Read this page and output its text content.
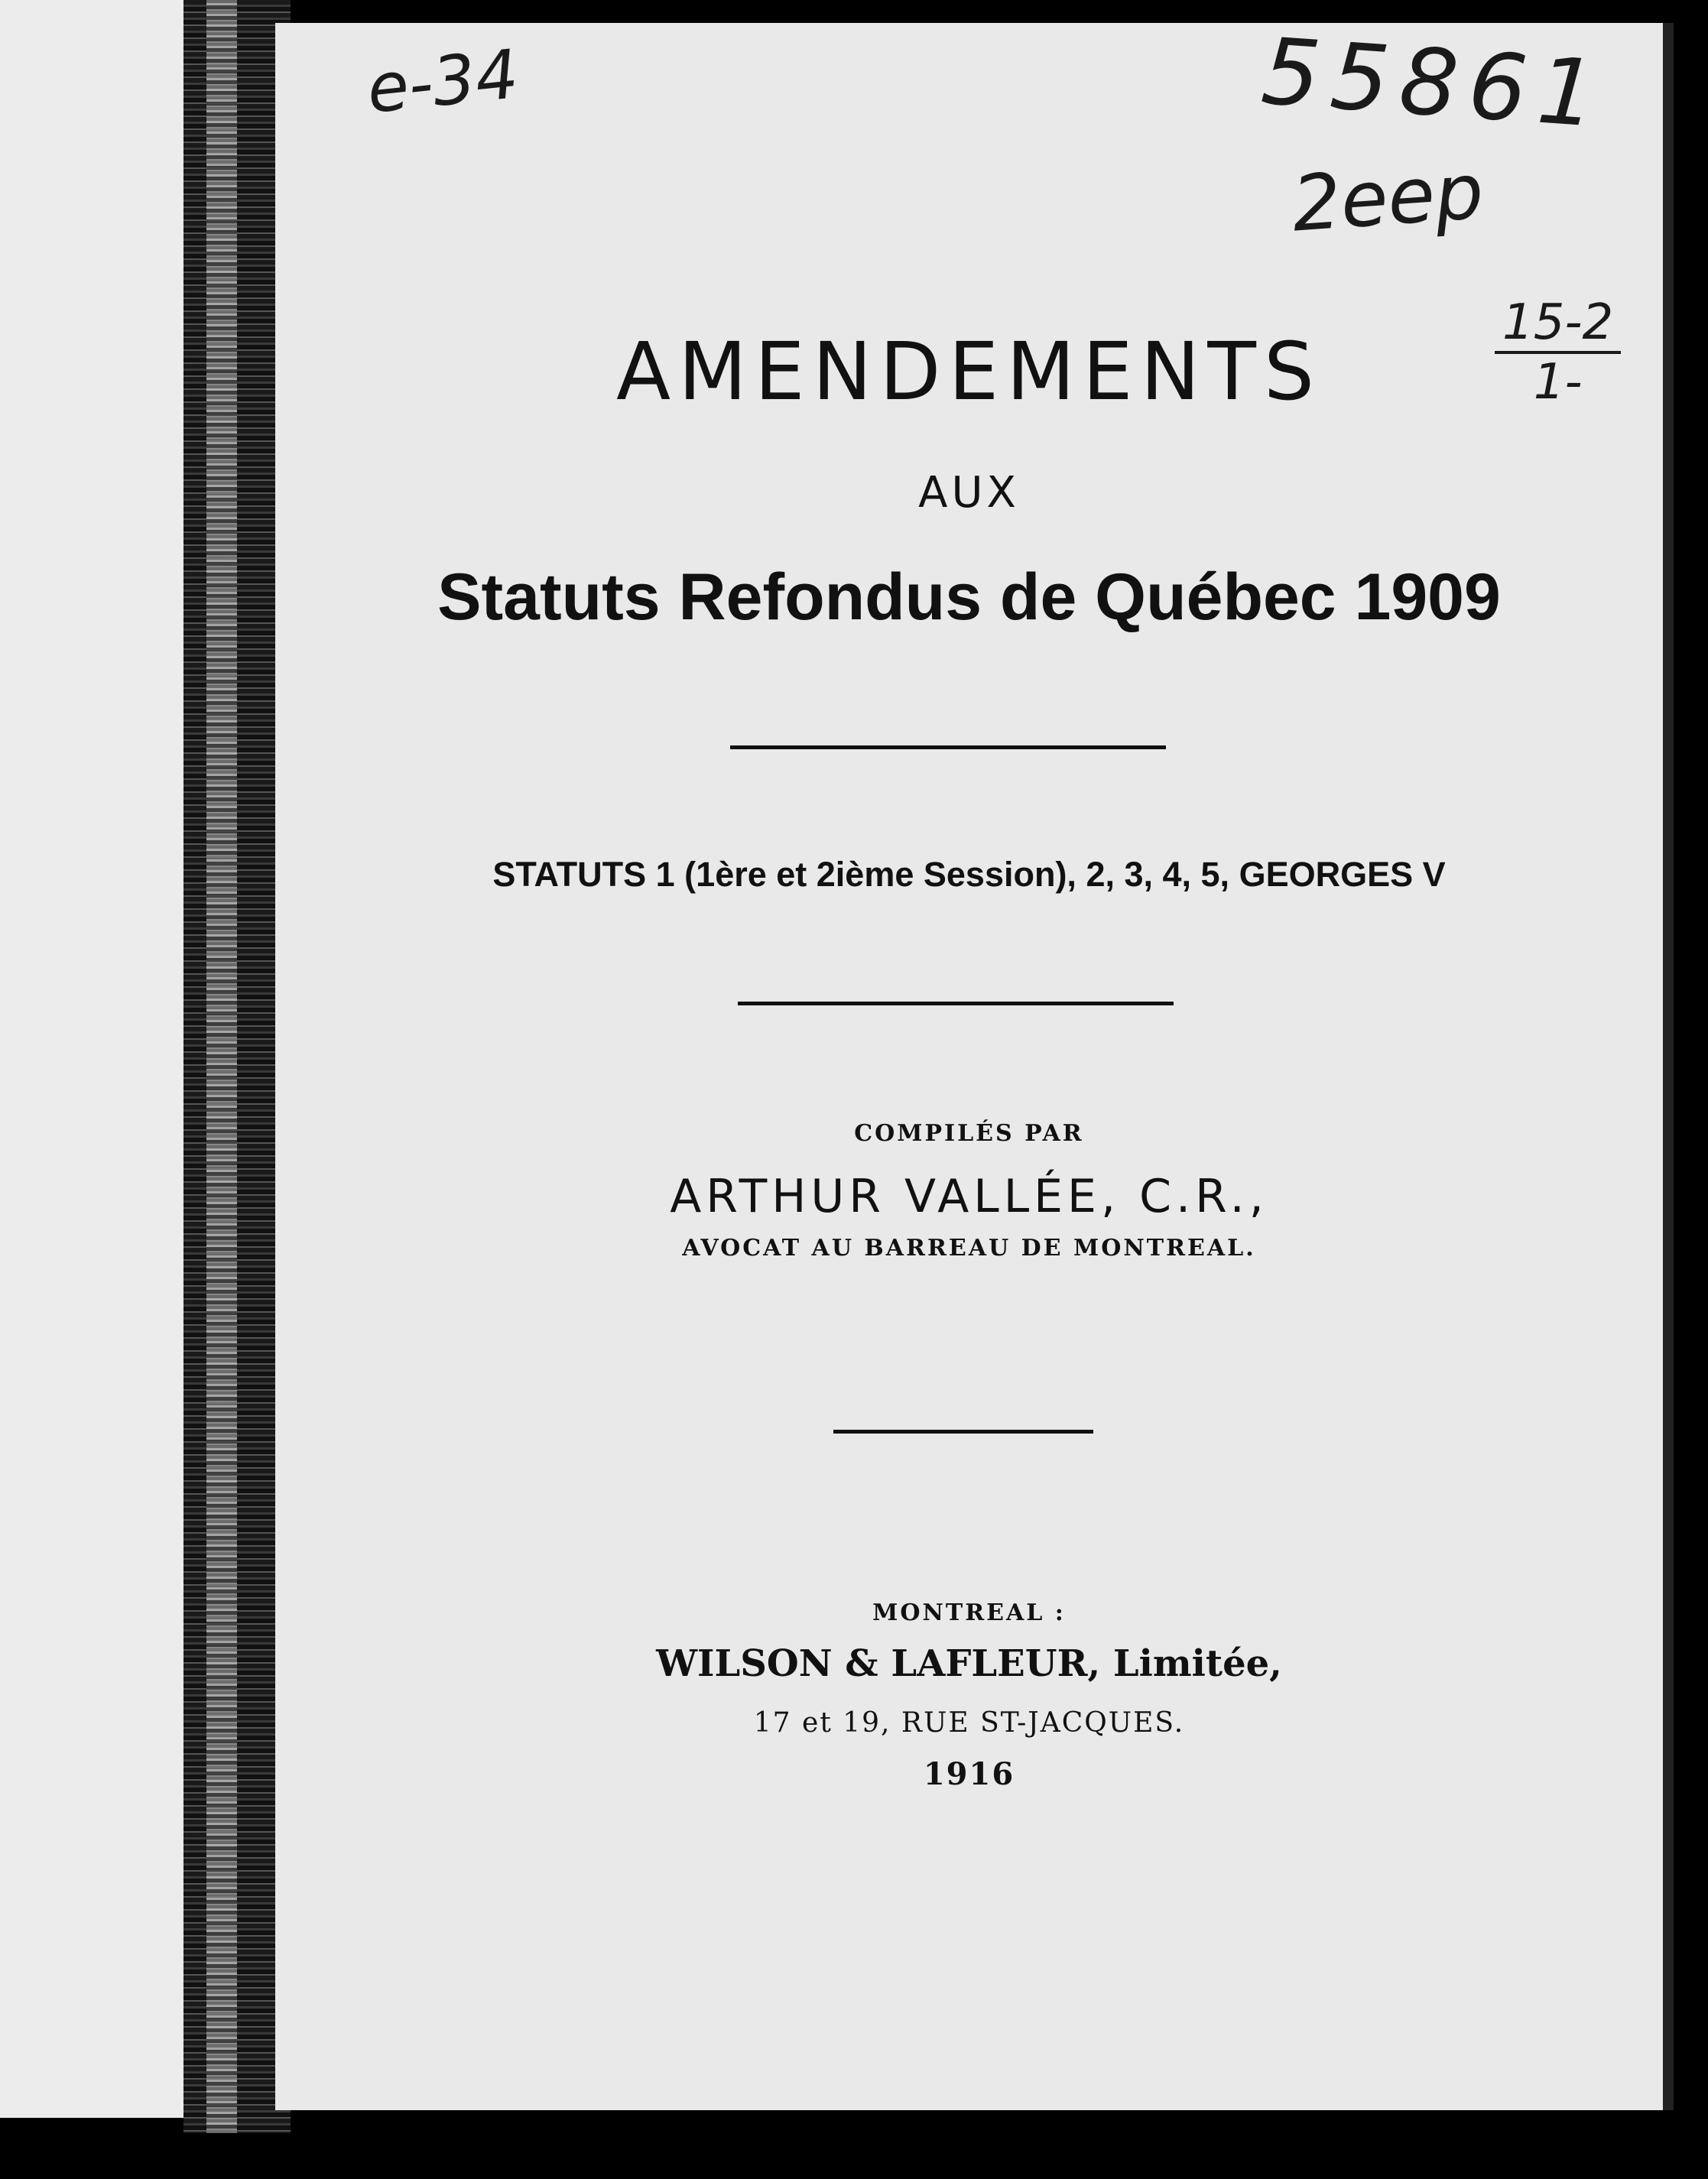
e-34	55861
2eep
$\frac{15-2}{1-}$
AMENDEMENTS
AUX
Statuts Refondus de Québec 1909
STATUTS 1 (1ère et 2ième Session), 2, 3, 4, 5, GEORGES V
COMPILÉS PAR
ARTHUR VALLÉE, C.R.,
AVOCAT AU BARREAU DE MONTREAL.
MONTREAL :
WILSON & LAFLEUR, Limitée,
17 et 19, RUE ST-JACQUES.
1916
